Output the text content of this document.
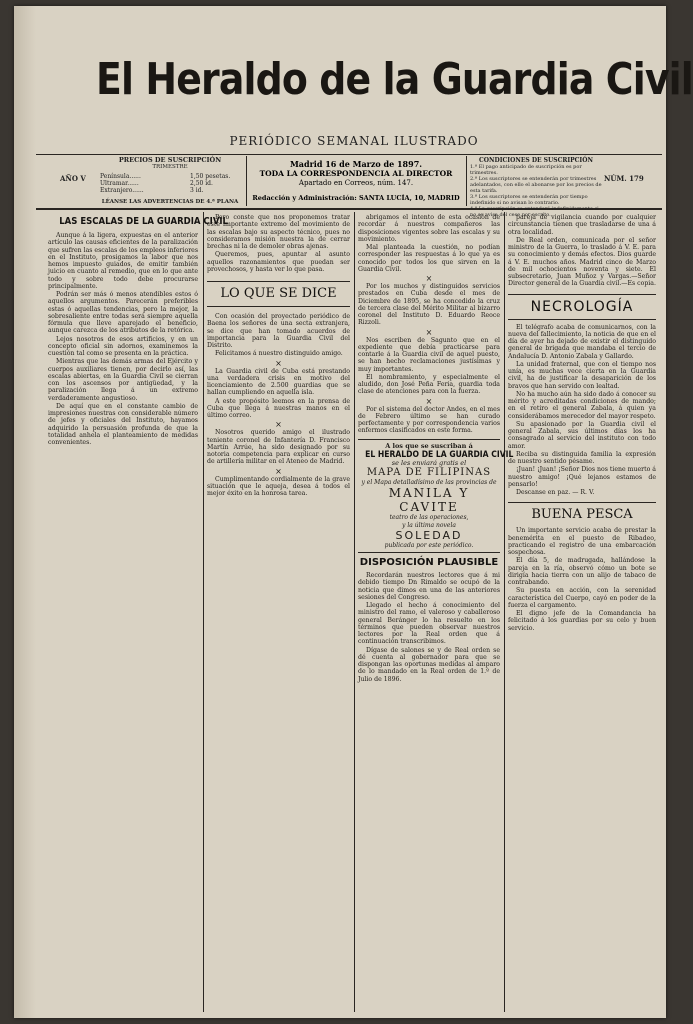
El Heraldo de la Guardia Civil
PERIÓDICO SEMANAL ILUSTRADO
AÑO V
PRECIOS DE SUSCRIPCIÓN
TRIMESTRE
Península......
Ultramar......
Extranjero......
1,50 pesetas.
2,50 id.
3 id.
LÉANSE LAS ADVERTENCIAS DE 4.ª PLANA
Madrid 16 de Marzo de 1897.
TODA LA CORRESPONDENCIA AL DIRECTOR
Apartado en Correos, núm. 147.
Redacción y Administración: SANTA LUCÍA, 10, MADRID
CONDICIONES DE SUSCRIPCIÓN
1.ª El pago anticipado de suscripción es por trimestres.
2.ª Los suscriptores se entenderán por trimestres adelantados, con ello el abonarse por los precios de esta tarifa.
3.ª Los suscriptores se entenderán por tiempo indefinido si no avisan lo contrario.
4.ª La suscripción se entenderá indefinidamente si no se avisa del cese por escrito.
NÚM. 179
LAS ESCALAS DE LA GUARDIA CIVIL

Aunque á la ligera, expuestas en el anterior artículo las causas eficientes de la paralización que sufren las escalas de los empleos inferiores en el Instituto, prosigamos la labor que nos hemos impuesto guiados, de emitir también juicio en cuanto al remedio, que en lo que ante todo y sobre todo debe procurarse principalmente.

Podrán ser más ó menos atendibles estos ó aquellos argumentos. Parecerán preferibles estas ó aquellas tendencias, pero la mejor, la sobresaliente entre todas será siempre aquella fórmula que lleve aparejado el beneficio, aunque carezca de los atributos de la retórica.

Lejos nosotros de esos artificios, y en un concepto oficial sin adornos, examinemos la cuestión tal como se presenta en la práctica.

Mientras que las demás armas del Ejército y cuerpos auxiliares tienen, por decirlo así, las escalas abiertas, en la Guardia Civil se cierran con los ascensos por antigüedad, y la paralización llega á un extremo verdaderamente angustioso.

De aquí que en el constante cambio de impresiones nuestras con considerable número de jefes y oficiales del Instituto, hayamos adquirido la persuasión profunda de que la totalidad anhela el planteamiento de medidas convenientes.

Pero conste que nos proponemos tratar este importante extremo del movimiento de las escalas bajo su aspecto técnico, pues no consideramos misión nuestra la de cerrar brechas ni la de demoler obras ajenas.

Queremos, pues, apuntar al asunto aquellos razonamientos que puedan ser provechosos, y hasta ver lo que pasa.

LO QUE SE DICE

Con ocasión del proyectado periódico de Baena los señores de una secta extranjera, se dice que han tomado acuerdos de importancia para la Guardia Civil del Distrito.

Felicitamos á nuestro distinguido amigo.

×

La Guardia civil de Cuba está prestando una verdadera crisis en motivo del licenciamiento de 2.500 guardias que se hallan cumpliendo en aquella isla.

A este propósito leemos en la prensa de Cuba que llega á nuestras manos en el último correo.

×

Nosotros querido amigo el ilustrado teniente coronel de Infantería D. Francisco Martín Arrúe, ha sido designado por su notoria competencia para explicar en curso de artillería militar en el Ateneo de Madrid.

×

Cumplimentando cordialmente de la grave situación que le aqueja, desea á todos el mejor éxito en la honrosa tarea.

abrigamos el intento de esta ocasión de recordar á nuestros compañeros las disposiciones vigentes sobre las escalas y su movimiento.

Mal planteada la cuestión, no podían corresponder las respuestas á lo que ya es conocido por todos los que sirven en la Guardia Civil.

×

Por los muchos y distinguidos servicios prestados en Cuba desde el mes de Diciembre de 1895, se ha concedido la cruz de tercera clase del Mérito Militar al bizarro coronel del Instituto D. Eduardo Reoce Rizzoli.

×

Nos escriben de Sagunto que en el expediente que debía practicarse para contarle á la Guardia civil de aquel puesto, se han hecho reclamaciones justísimas y muy importantes.

El nombramiento, y especialmente el aludido, don José Peña Feria, guardia toda clase de atenciones para con la fuerza.

×

Por el sistema del doctor Andes, en el mes de Febrero último se han curado perfectamente y por correspondencia varios enfermos clasificados en este forma.

A los que se suscriban á
EL HERALDO DE LA GUARDIA CIVIL
se les enviará gratis el
MAPA DE FILIPINAS
y el Mapa detalladísimo de las provincias de
MANILA Y CAVITE
teatro de las operaciones,
y la última novela
SOLEDAD
publicada por este periódico.
DISPOSICIÓN PLAUSIBLE

Recordarán nuestros lectores que á mi debido tiempo Dn Rimaldo se ocupó de la noticia que dimos en una de las anteriores sesiones del Congreso.

Llegado el hecho á conocimiento del ministro del ramo, el valeroso y caballeroso general Beránger lo ha resuelto en los términos que pueden observar nuestros lectores por la Real orden que á continuación transcribimos.

Dígase de salones se y de Real orden se dé cuenta al gobernador para que se dispongan las oportunas medidas al amparo de lo mandado en la Real orden de 1.º de Julio de 1896.

pareja de vigilancia cuando por cualquier circunstancia tienen que trasladarse de una á otra localidad.

De Real orden, comunicada por el señor ministro de la Guerra, lo traslado á V. E. para su conocimiento y demás efectos. Dios guarde á V. E. muchos años. Madrid cinco de Marzo de mil ochocientos noventa y siete. El subsecretario, Juan Muñoz y Vargas.—Señor Director general de la Guardia civil.—Es copia.

NECROLOGÍA

El telégrafo acaba de comunicarnos, con la nueva del fallecimiento, la noticia de que en el día de ayer ha dejado de existir el distinguido general de brigada que mandaba el tercio de Andalucía D. Antonio Zabala y Gallardo.

La unidad fraternal, que con el tiempo nos unía, es muchas vece cierta en la Guardia civil, ha de justificar la desaparición de los bravos que han servido con lealtad.

No ha mucho aún ha sido dado á conocer su mérito y acreditadas condiciones de mando; en el retiro el general Zabala, á quien ya considerábamos merecedor del mayor respeto.

Su apasionado por la Guardia civil el general Zabala, sus últimos días los ha consagrado al servicio del instituto con todo amor.

Reciba su distinguida familia la expresión de nuestro sentido pésame.

¡Juan! ¡Juan! ¡Señor Dios nos tiene muerto á nuestro amigo! ¡Qué lejanos estamos de pensarlo!

Descanse en paz. — R. V.

BUENA PESCA

Un importante servicio acaba de prestar la benemérita en el puesto de Ribadeo, practicando el registro de una embarcación sospechosa.

El día 5, de madrugada, hallándose la pareja en la ría, observó cómo un bote se dirigía hacia tierra con un alijo de tabaco de contrabando.

Su puesta en acción, con la serenidad característica del Cuerpo, cayó en poder de la fuerza el cargamento.

El digno jefe de la Comandancia ha felicitado á los guardias por su celo y buen servicio.
